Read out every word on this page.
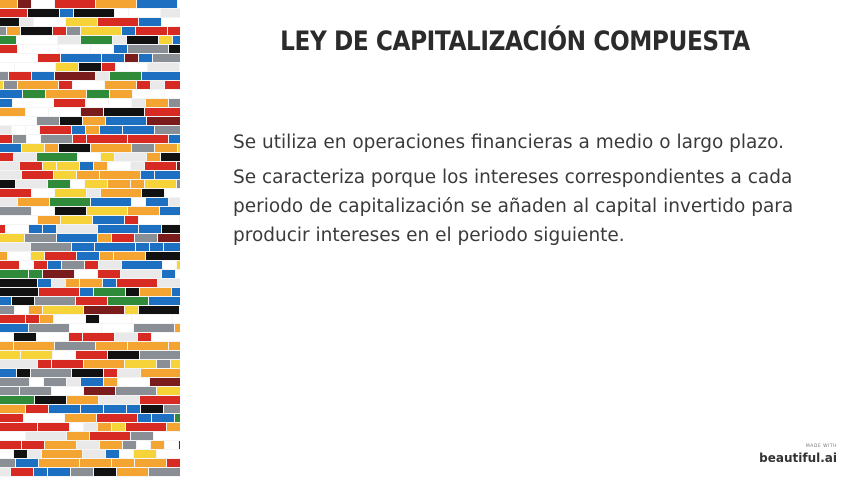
LEY DE CAPITALIZACIÓN COMPUESTA

Se utiliza en operaciones financieras a medio o largo plazo.

Se caracteriza porque los intereses correspondientes a cada periodo de capitalización se añaden al capital invertido para producir intereses en el periodo siguiente.

MADE WITH
beautiful.ai
